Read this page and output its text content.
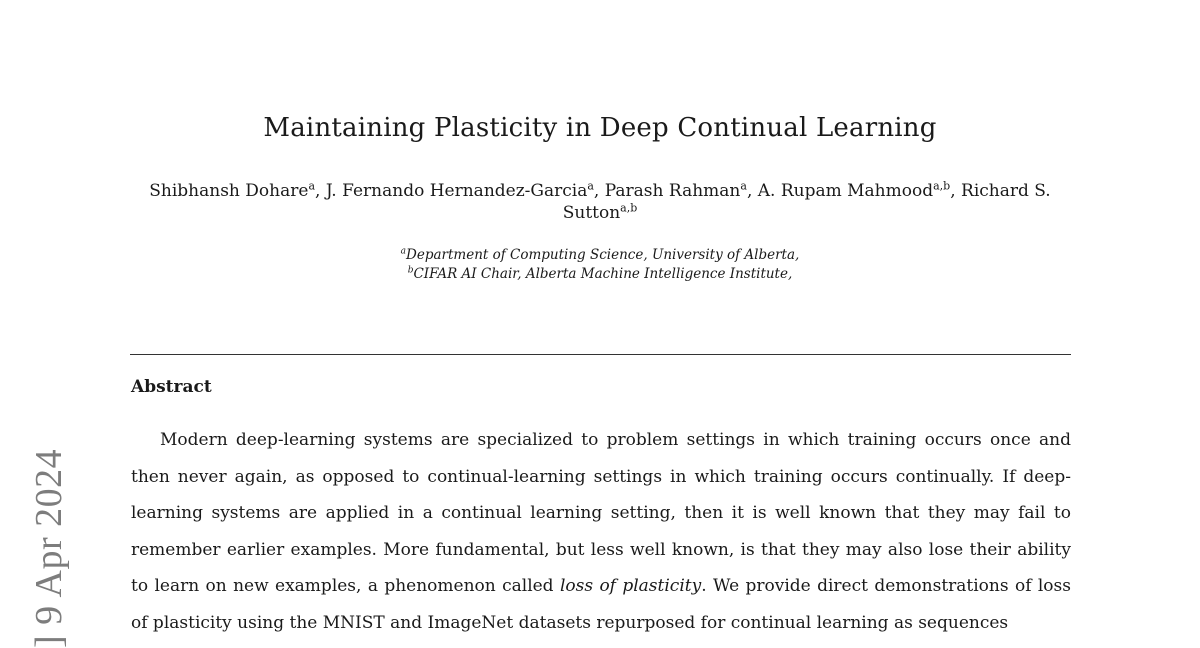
Maintaining Plasticity in Deep Continual Learning
Shibhansh Dohare$^a$, J. Fernando Hernandez-Garcia$^a$, Parash Rahman$^a$, A. Rupam Mahmood$^{a,b}$, Richard S. Sutton$^{a,b}$
$^a$Department of Computing Science, University of Alberta,
$^b$CIFAR AI Chair, Alberta Machine Intelligence Institute,
Abstract

Modern deep-learning systems are specialized to problem settings in which training occurs once and then never again, as opposed to continual-learning settings in which training occurs continually. If deep-learning systems are applied in a continual learning setting, then it is well known that they may fail to remember earlier examples. More fundamental, but less well known, is that they may also lose their ability to learn on new examples, a phenomenon called loss of plasticity. We provide direct demonstrations of loss of plasticity using the MNIST and ImageNet datasets repurposed for continual learning as sequences

] 9 Apr 2024
